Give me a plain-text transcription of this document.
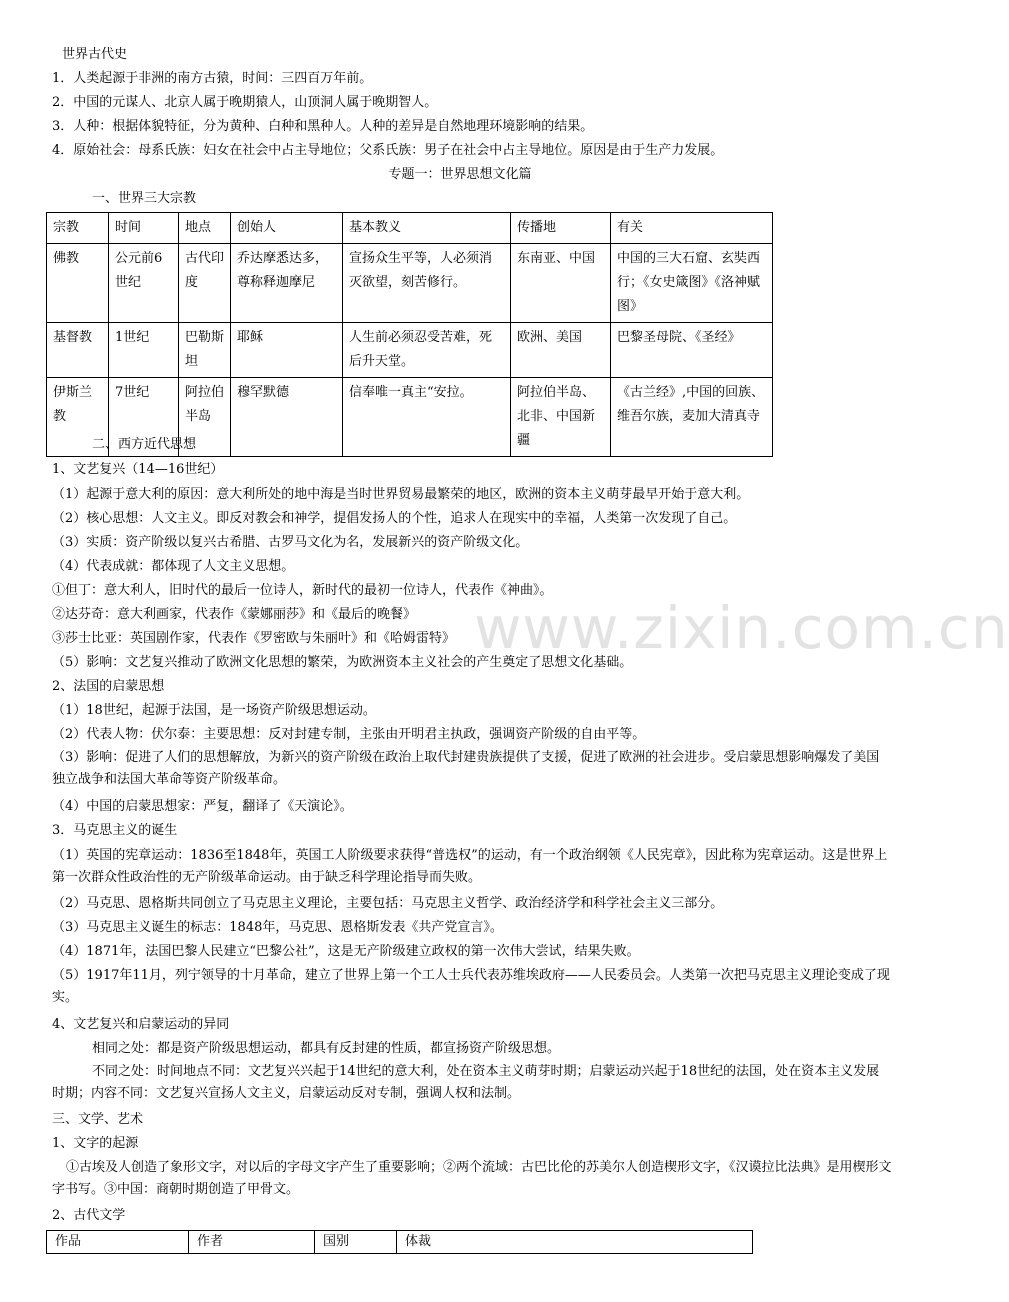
世界古代史
1．人类起源于非洲的南方古猿，时间：三四百万年前。
2．中国的元谋人、北京人属于晚期猿人，山顶洞人属于晚期智人。
3．人种：根据体貌特征，分为黄种、白种和黑种人。人种的差异是自然地理环境影响的结果。
4．原始社会：母系氏族：妇女在社会中占主导地位；父系氏族：男子在社会中占主导地位。原因是由于生产力发展。
专题一：世界思想文化篇
一、世界三大宗教
宗教	时间	地点	创始人	基本教义	传播地	有关
佛教	公元前6世纪	古代印度	乔达摩悉达多，尊称释迦摩尼	宣扬众生平等，人必须消灭欲望，刻苦修行。	东南亚、中国	中国的三大石窟、玄奘西行；《女史箴图》《洛神赋图》
基督教	1世纪	巴勒斯坦	耶稣	人生前必须忍受苦难，死后升天堂。	欧洲、美国	巴黎圣母院、《圣经》
伊斯兰教	7世纪	阿拉伯半岛	穆罕默德	信奉唯一真主“安拉。	阿拉伯半岛、北非、中国新疆	《古兰经》,中国的回族、维吾尔族，麦加大清真寺
二、西方近代思想
1、文艺复兴（14—16世纪）
（1）起源于意大利的原因：意大利所处的地中海是当时世界贸易最繁荣的地区，欧洲的资本主义萌芽最早开始于意大利。
（2）核心思想：人文主义。即反对教会和神学，提倡发扬人的个性，追求人在现实中的幸福，人类第一次发现了自己。
（3）实质：资产阶级以复兴古希腊、古罗马文化为名，发展新兴的资产阶级文化。
（4）代表成就：都体现了人文主义思想。
①但丁：意大利人，旧时代的最后一位诗人，新时代的最初一位诗人，代表作《神曲》。
②达芬奇：意大利画家，代表作《蒙娜丽莎》和《最后的晚餐》
③莎士比亚：英国剧作家，代表作《罗密欧与朱丽叶》和《哈姆雷特》
（5）影响：文艺复兴推动了欧洲文化思想的繁荣，为欧洲资本主义社会的产生奠定了思想文化基础。
2、法国的启蒙思想
（1）18世纪，起源于法国，是一场资产阶级思想运动。
（2）代表人物：伏尔泰：主要思想：反对封建专制，主张由开明君主执政，强调资产阶级的自由平等。
（3）影响：促进了人们的思想解放，为新兴的资产阶级在政治上取代封建贵族提供了支援，促进了欧洲的社会进步。受启蒙思想影响爆发了美国独立战争和法国大革命等资产阶级革命。
（4）中国的启蒙思想家：严复，翻译了《天演论》。
3．马克思主义的诞生
（1）英国的宪章运动：1836至1848年，英国工人阶级要求获得“普选权”的运动，有一个政治纲领《人民宪章》，因此称为宪章运动。这是世界上第一次群众性政治性的无产阶级革命运动。由于缺乏科学理论指导而失败。
（2）马克思、恩格斯共同创立了马克思主义理论，主要包括：马克思主义哲学、政治经济学和科学社会主义三部分。
（3）马克思主义诞生的标志：1848年，马克思、恩格斯发表《共产党宣言》。
（4）1871年，法国巴黎人民建立“巴黎公社”，这是无产阶级建立政权的第一次伟大尝试，结果失败。
（5）1917年11月，列宁领导的十月革命，建立了世界上第一个工人士兵代表苏维埃政府——人民委员会。人类第一次把马克思主义理论变成了现实。
4、文艺复兴和启蒙运动的异同
相同之处：都是资产阶级思想运动，都具有反封建的性质，都宣扬资产阶级思想。
不同之处：时间地点不同：文艺复兴兴起于14世纪的意大利，处在资本主义萌芽时期；启蒙运动兴起于18世纪的法国，处在资本主义发展时期；内容不同：文艺复兴宣扬人文主义，启蒙运动反对专制，强调人权和法制。
三、文学、艺术
1、文字的起源
①古埃及人创造了象形文字，对以后的字母文字产生了重要影响；②两个流域：古巴比伦的苏美尔人创造楔形文字，《汉谟拉比法典》是用楔形文字书写。③中国：商朝时期创造了甲骨文。
2、古代文学
作品	作者	国别	体裁
www.zixin.com.cn
